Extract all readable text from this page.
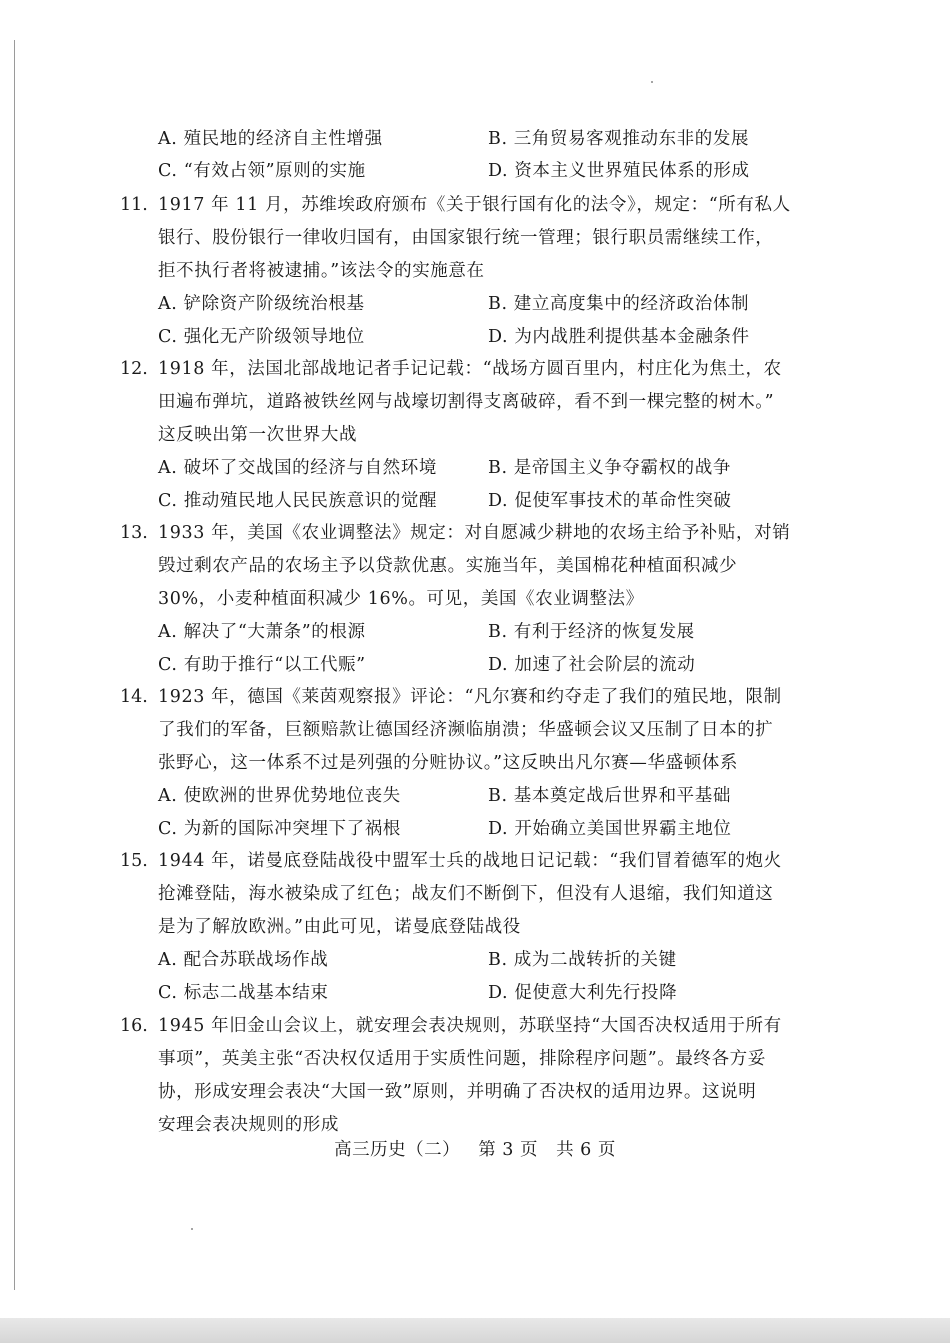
A. 殖民地的经济自主性增强	B. 三角贸易客观推动东非的发展
C. “有效占领”原则的实施	D. 资本主义世界殖民体系的形成
11. 1917 年 11 月，苏维埃政府颁布《关于银行国有化的法令》，规定：“所有私人
银行、股份银行一律收归国有，由国家银行统一管理；银行职员需继续工作，
拒不执行者将被逮捕。”该法令的实施意在
A. 铲除资产阶级统治根基	B. 建立高度集中的经济政治体制
C. 强化无产阶级领导地位	D. 为内战胜利提供基本金融条件
12. 1918 年，法国北部战地记者手记记载：“战场方圆百里内，村庄化为焦土，农
田遍布弹坑，道路被铁丝网与战壕切割得支离破碎，看不到一棵完整的树木。”
这反映出第一次世界大战
A. 破坏了交战国的经济与自然环境	B. 是帝国主义争夺霸权的战争
C. 推动殖民地人民民族意识的觉醒	D. 促使军事技术的革命性突破
13. 1933 年，美国《农业调整法》规定：对自愿减少耕地的农场主给予补贴，对销
毁过剩农产品的农场主予以贷款优惠。实施当年，美国棉花种植面积减少
30%，小麦种植面积减少 16%。可见，美国《农业调整法》
A. 解决了“大萧条”的根源	B. 有利于经济的恢复发展
C. 有助于推行“以工代赈”	D. 加速了社会阶层的流动
14. 1923 年，德国《莱茵观察报》评论：“凡尔赛和约夺走了我们的殖民地，限制
了我们的军备，巨额赔款让德国经济濒临崩溃；华盛顿会议又压制了日本的扩
张野心，这一体系不过是列强的分赃协议。”这反映出凡尔赛—华盛顿体系
A. 使欧洲的世界优势地位丧失	B. 基本奠定战后世界和平基础
C. 为新的国际冲突埋下了祸根	D. 开始确立美国世界霸主地位
15. 1944 年，诺曼底登陆战役中盟军士兵的战地日记记载：“我们冒着德军的炮火
抢滩登陆，海水被染成了红色；战友们不断倒下，但没有人退缩，我们知道这
是为了解放欧洲。”由此可见，诺曼底登陆战役
A. 配合苏联战场作战	B. 成为二战转折的关键
C. 标志二战基本结束	D. 促使意大利先行投降
16. 1945 年旧金山会议上，就安理会表决规则，苏联坚持“大国否决权适用于所有
事项”，英美主张“否决权仅适用于实质性问题，排除程序问题”。最终各方妥
协，形成安理会表决“大国一致”原则，并明确了否决权的适用边界。这说明
安理会表决规则的形成
高三历史（二） 第 3 页 共 6 页
